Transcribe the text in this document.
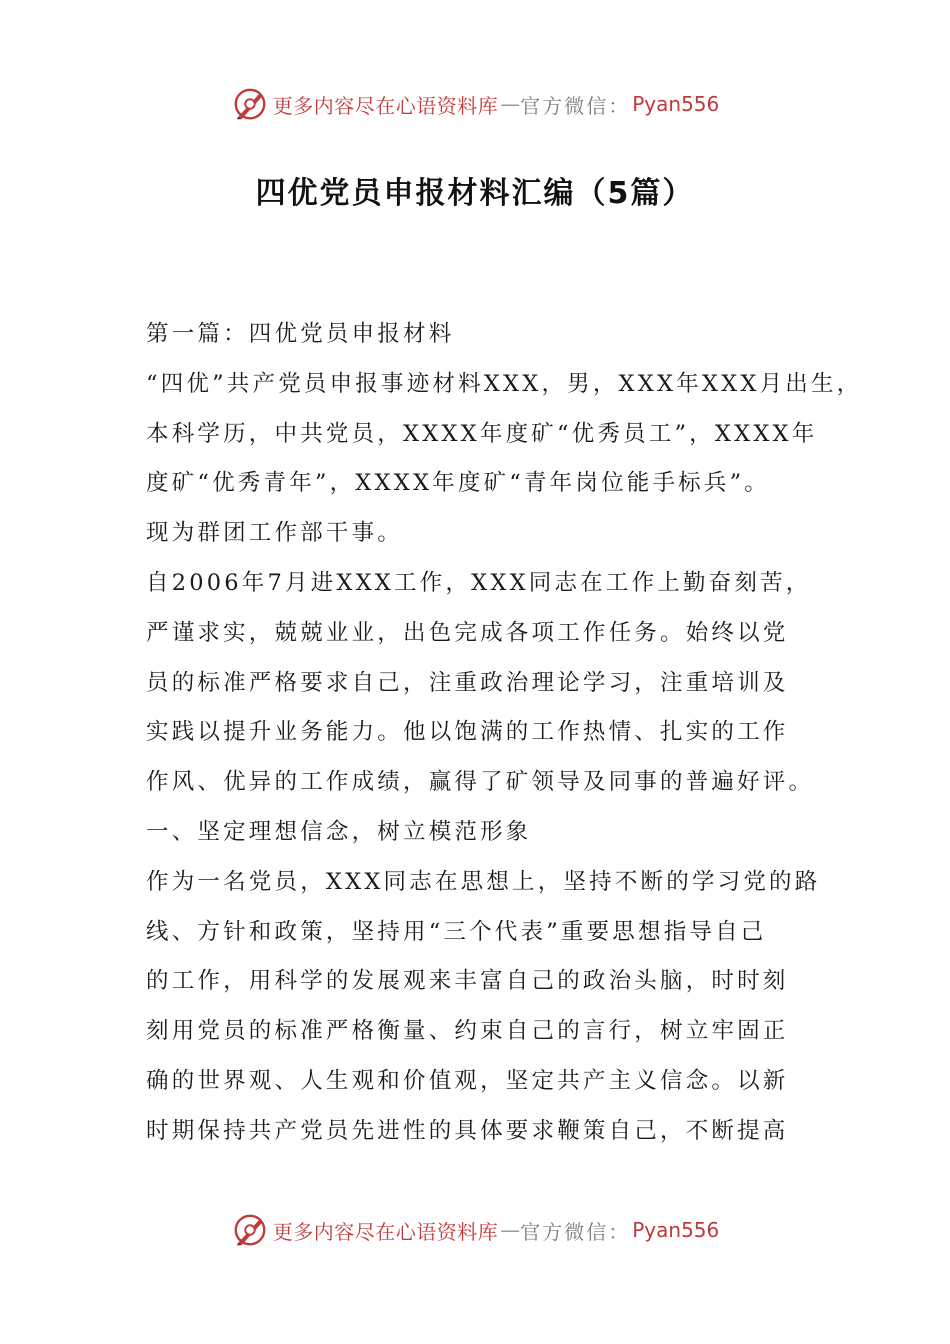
更多内容尽在心语资料库 — 官方微信： Pyan556
四优党员申报材料汇编（5篇）
第一篇：四优党员申报材料
“四优”共产党员申报事迹材料XXX，男，XXX年XXX月出生，
本科学历，中共党员，XXXX年度矿“优秀员工”，XXXX年
度矿“优秀青年”，XXXX年度矿“青年岗位能手标兵”。
现为群团工作部干事。
自2006年7月进XXX工作，XXX同志在工作上勤奋刻苦，
严谨求实，兢兢业业，出色完成各项工作任务。始终以党
员的标准严格要求自己，注重政治理论学习，注重培训及
实践以提升业务能力。他以饱满的工作热情、扎实的工作
作风、优异的工作成绩，赢得了矿领导及同事的普遍好评。
一、坚定理想信念，树立模范形象
作为一名党员，XXX同志在思想上，坚持不断的学习党的路
线、方针和政策，坚持用“三个代表”重要思想指导自己
的工作，用科学的发展观来丰富自己的政治头脑，时时刻
刻用党员的标准严格衡量、约束自己的言行，树立牢固正
确的世界观、人生观和价值观，坚定共产主义信念。以新
时期保持共产党员先进性的具体要求鞭策自己，不断提高
更多内容尽在心语资料库 — 官方微信： Pyan556
